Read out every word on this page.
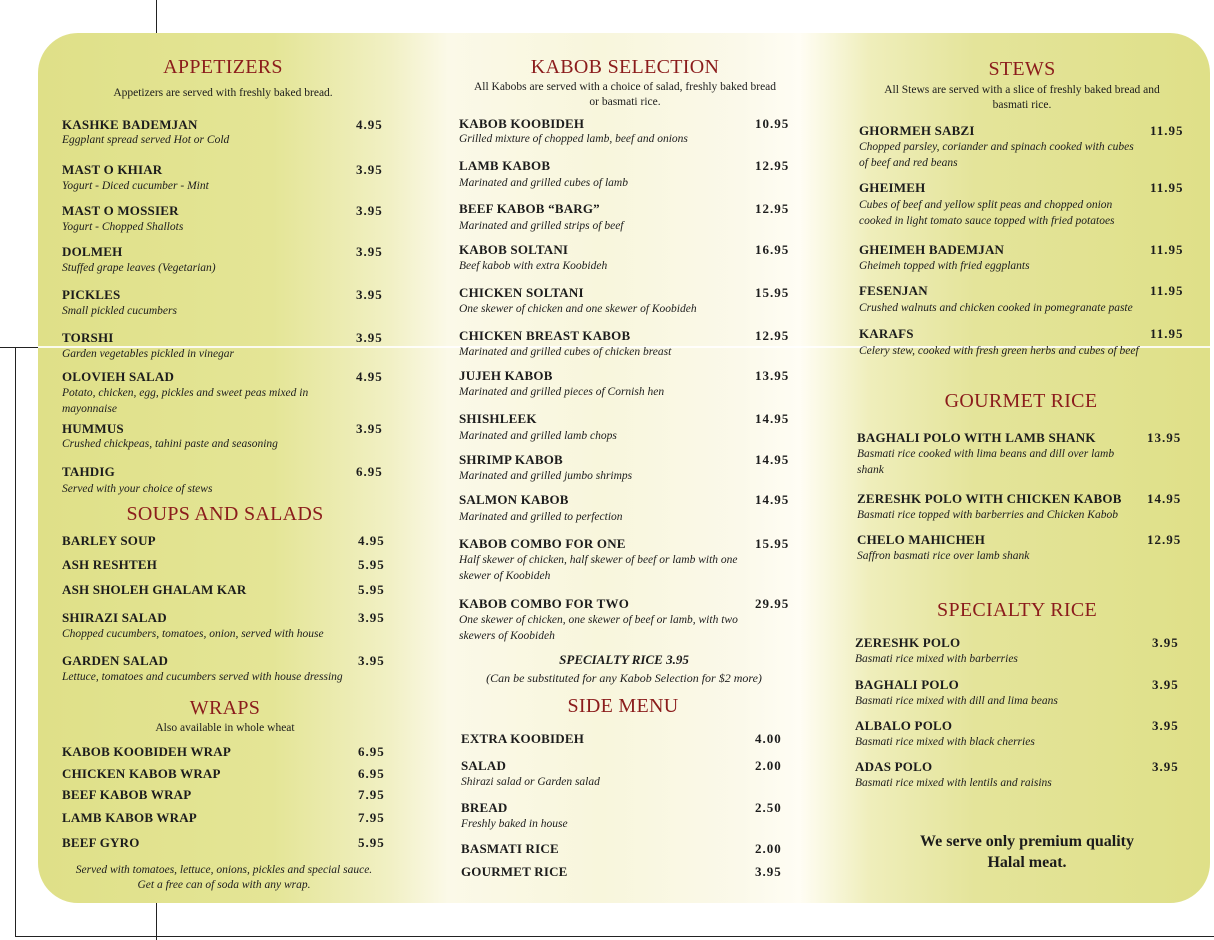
APPETIZERS
Appetizers are served with freshly baked bread.
KASHKE BADEMJAN	4.95
Eggplant spread served Hot or Cold
MAST O KHIAR	3.95
Yogurt - Diced cucumber - Mint
MAST O MOSSIER	3.95
Yogurt - Chopped Shallots
DOLMEH	3.95
Stuffed grape leaves (Vegetarian)
PICKLES	3.95
Small pickled cucumbers
TORSHI	3.95
Garden vegetables pickled in vinegar
OLOVIEH SALAD	4.95
Potato, chicken, egg, pickles and sweet peas mixed in mayonnaise
HUMMUS	3.95
Crushed chickpeas, tahini paste and seasoning
TAHDIG	6.95
Served with your choice of stews
SOUPS AND SALADS
BARLEY SOUP	4.95
ASH RESHTEH	5.95
ASH SHOLEH GHALAM KAR	5.95
SHIRAZI SALAD	3.95
Chopped cucumbers, tomatoes, onion, served with house
GARDEN SALAD	3.95
Lettuce, tomatoes and cucumbers served with house dressing
WRAPS
Also available in whole wheat
KABOB KOOBIDEH WRAP	6.95
CHICKEN KABOB WRAP	6.95
BEEF KABOB WRAP	7.95
LAMB KABOB WRAP	7.95
BEEF GYRO	5.95
KABOB SELECTION
All Kabobs are served with a choice of salad, freshly baked bread or basmati rice.
KABOB KOOBIDEH	10.95
Grilled mixture of chopped lamb, beef and onions
LAMB KABOB	12.95
Marinated and grilled cubes of lamb
BEEF KABOB “BARG”	12.95
Marinated and grilled strips of beef
KABOB SOLTANI	16.95
Beef kabob with extra Koobideh
CHICKEN SOLTANI	15.95
One skewer of chicken and one skewer of Koobideh
CHICKEN BREAST KABOB	12.95
Marinated and grilled cubes of chicken breast
JUJEH KABOB	13.95
Marinated and grilled pieces of Cornish hen
SHISHLEEK	14.95
Marinated and grilled lamb chops
SHRIMP KABOB	14.95
Marinated and grilled jumbo shrimps
SALMON KABOB	14.95
Marinated and grilled to perfection
KABOB COMBO FOR ONE	15.95
Half skewer of chicken, half skewer of beef or lamb with one skewer of Koobideh
KABOB COMBO FOR TWO	29.95
One skewer of chicken, one skewer of beef or lamb, with two skewers of Koobideh
SIDE MENU
EXTRA KOOBIDEH	4.00
SALAD	2.00
Shirazi salad or Garden salad
BREAD	2.50
Freshly baked in house
BASMATI RICE	2.00
GOURMET RICE	3.95
STEWS
All Stews are served with a slice of freshly baked bread and basmati rice.
GHORMEH SABZI	11.95
Chopped parsley, coriander and spinach cooked with cubes of beef and red beans
GHEIMEH	11.95
Cubes of beef and yellow split peas and chopped onion cooked in light tomato sauce topped with fried potatoes
GHEIMEH BADEMJAN	11.95
Gheimeh topped with fried eggplants
FESENJAN	11.95
Crushed walnuts and chicken cooked in pomegranate paste
KARAFS	11.95
Celery stew, cooked with fresh green herbs and cubes of beef
GOURMET RICE
BAGHALI POLO WITH LAMB SHANK	13.95
Basmati rice cooked with lima beans and dill over lamb shank
ZERESHK POLO WITH CHICKEN KABOB 14.95
Basmati rice topped with barberries and Chicken Kabob
CHELO MAHICHEH	12.95
Saffron basmati rice over lamb shank
SPECIALTY RICE
ZERESHK POLO	3.95
Basmati rice mixed with barberries
BAGHALI POLO	3.95
Basmati rice mixed with dill and lima beans
ALBALO POLO	3.95
Basmati rice mixed with black cherries
ADAS POLO	3.95
Basmati rice mixed with lentils and raisins
Served with tomatoes, lettuce, onions, pickles and special sauce.
Get a free can of soda with any wrap.
SPECIALTY RICE 3.95
(Can be substituted for any Kabob Selection for $2 more)
We serve only premium quality
Halal meat.
